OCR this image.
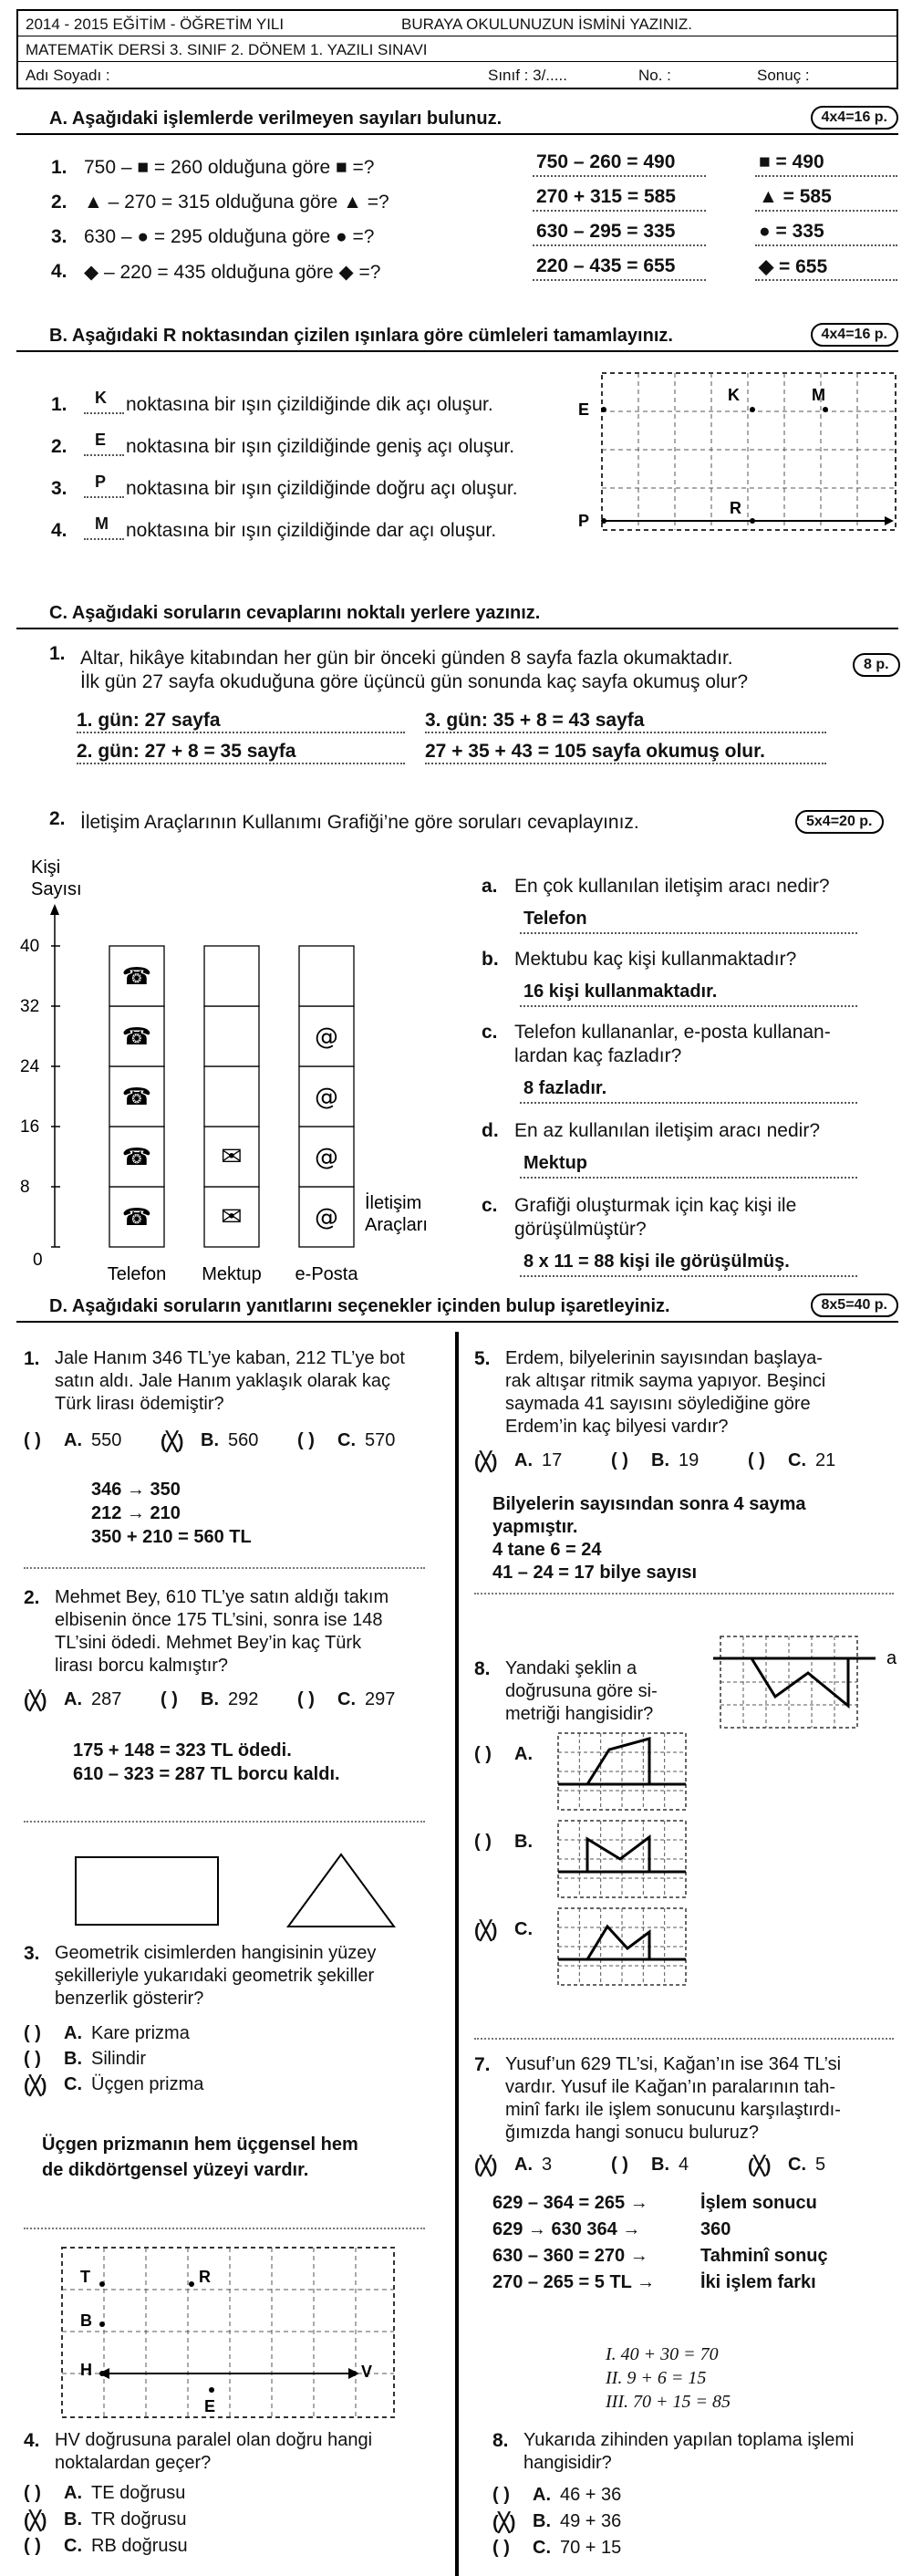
2014 - 2015 EĞİTİM - ÖĞRETİM YILI	BURAYA OKULUNUZUN İSMİNİ YAZINIZ.
MATEMATİK DERSİ 3. SINIF 2. DÖNEM 1. YAZILI SINAVI
Adı Soyadı :	Sınıf : 3/.....	No. :	Sonuç :
A. Aşağıdaki işlemlerde verilmeyen sayıları bulunuz.	4x4=16 p.
1. 750 – ■ = 260 olduğuna göre ■ =?	750 – 260 = 490	■ = 490
2. ▲ – 270 = 315 olduğuna göre ▲ =?	270 + 315 = 585	▲ = 585
3. 630 – ● = 295 olduğuna göre ● =?	630 – 295 = 335	● = 335
4. ◆ – 220 = 435 olduğuna göre ◆ =?	220 – 435 = 655	◆ = 655
B. Aşağıdaki R noktasından çizilen ışınlara göre cümleleri tamamlayınız.	4x4=16 p.
1. K noktasına bir ışın çizildiğinde dik açı oluşur.
2. E noktasına bir ışın çizildiğinde geniş açı oluşur.
3. P noktasına bir ışın çizildiğinde doğru açı oluşur.
4. M noktasına bir ışın çizildiğinde dar açı oluşur.
E
K	M
P
R
C. Aşağıdaki soruların cevaplarını noktalı yerlere yazınız.
1. Altar, hikâye kitabından her gün bir önceki günden 8 sayfa fazla okumaktadır.
İlk gün 27 sayfa okuduğuna göre üçüncü gün sonunda kaç sayfa okumuş olur?
8 p.
1. gün: 27 sayfa	3. gün: 35 + 8 = 43 sayfa
2. gün: 27 + 8 = 35 sayfa	27 + 35 + 43 = 105 sayfa okumuş olur.
2. İletişim Araçlarının Kullanımı Grafiği’ne göre soruları cevaplayınız.	5x4=20 p.
Kişi
Sayısı
0
8
16
24
32
40
☎
☎
☎
☎
☎
✉
✉
@
@
@
@
Telefon Mektup e-Posta
İletişim
Araçları
a. En çok kullanılan iletişim aracı nedir?
Telefon
b. Mektubu kaç kişi kullanmaktadır?
16 kişi kullanmaktadır.
c. Telefon kullananlar, e-posta kullanan-
lardan kaç fazladır?
8 fazladır.
d. En az kullanılan iletişim aracı nedir?
Mektup
c. Grafiği oluşturmak için kaç kişi ile
görüşülmüştür?
8 x 11 = 88 kişi ile görüşülmüş.
D. Aşağıdaki soruların yanıtlarını seçenekler içinden bulup işaretleyiniz.	8x5=40 p.
1. Jale Hanım 346 TL’ye kaban, 212 TL’ye bot
satın aldı. Jale Hanım yaklaşık olarak kaç
Türk lirası ödemiştir?
( ) A. 550 (╳) B. 560 ( ) C. 570
346 → 350
212 → 210
350 + 210 = 560 TL
2. Mehmet Bey, 610 TL’ye satın aldığı takım
elbisenin önce 175 TL’sini, sonra ise 148
TL’sini ödedi. Mehmet Bey’in kaç Türk
lirası borcu kalmıştır?
(╳) A. 287 ( ) B. 292 ( ) C. 297
175 + 148 = 323 TL ödedi.
610 – 323 = 287 TL borcu kaldı.
3. Geometrik cisimlerden hangisinin yüzey
şekilleriyle yukarıdaki geometrik şekiller
benzerlik gösterir?
( ) A. Kare prizma
( ) B. Silindir
(╳) C. Üçgen prizma
Üçgen prizmanın hem üçgensel hem
de dikdörtgensel yüzeyi vardır.
4. HV doğrusuna paralel olan doğru hangi
noktalardan geçer?
( ) A. TE doğrusu
(╳) B. TR doğrusu
( ) C. RB doğrusu
5. Erdem, bilyelerinin sayısından başlaya-
rak altışar ritmik sayma yapıyor. Beşinci
saymada 41 sayısını söylediğine göre
Erdem’in kaç bilyesi vardır?
(╳) A. 17	( ) B. 19	( ) C. 21
Bilyelerin sayısından sonra 4 sayma
yapmıştır.
4 tane 6 = 24
41 – 24 = 17 bilye sayısı
8. Yandaki şeklin a
doğrusuna göre si-
metriği hangisidir?
( ) A.
( ) B.
(╳) C.
7. Yusuf’un 629 TL’si, Kağan’ın ise 364 TL’si
vardır. Yusuf ile Kağan’ın paralarının tah-
minî farkı ile işlem sonucunu karşılaştırdı-
ğımızda hangi sonucu buluruz?
(╳) A. 3	( ) B. 4	(╳) C. 5
629 – 364 = 265 →	İşlem sonucu
629 → 630 364 →	360
630 – 360 = 270 →	Tahminî sonuç
270 – 265 = 5 TL → İki işlem farkı
I. 40 + 30 = 70
II. 9 + 6 = 15
III. 70 + 15 = 85
8. Yukarıda zihinden yapılan toplama işlemi
hangisidir?
( ) A. 46 + 36
(╳) B. 49 + 36
( ) C. 70 + 15
T	R
B
H	V
E
a
